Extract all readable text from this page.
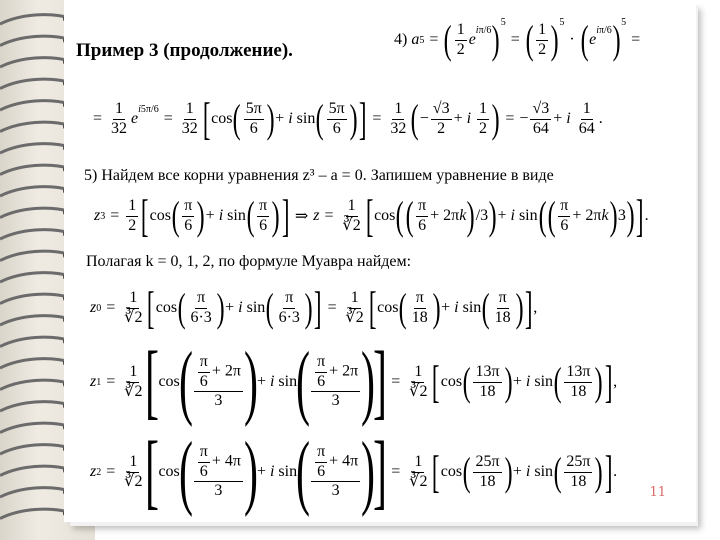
Пример 3 (продолжение).
4)
a 5 = ( $\frac{1}{2}$ e
$^{i\pi/6}$ )$^5$
= ( $\frac{1}{2} )^5$
· ( e
$^{i\pi/6}$ )$^5$
=
= $\frac{1}{32}$ e
$^{i5\pi/6}$
= $\frac{1}{32}$ [ cos ( $\frac{5\pi}{6}$ ) + i sin ( $\frac{5\pi}{6}$ ) ] = $\frac{1}{32}$ ( − $\frac{√3}{2} + i$
$\frac{1}{2}$ ) = − $\frac{√3}{64} + i$
$\frac{1}{64}$ .
5) Найдем все корни уравнения z³ – a = 0. Запишем уравнение в виде
z $3 = \frac{1}{2}$ [ cos ( $\frac{\pi}{6}$ ) + i sin ( $\frac{\pi}{6}$ ) ] ⇒ $z = \frac{1}{∛2}$ [ cos ( ( $\frac{\pi}{6} + 2\pi$ k ) /3 ) + i sin ( ( $\frac{\pi}{6} + 2\pi$ k ) 3 ) ] .
Полагая k = 0, 1, 2, по формуле Муавра найдем:
z $0 = \frac{1}{∛2}$ [ cos ( $\frac{\pi}{6\cdot 3}$ ) + i sin ( $\frac{\pi}{6\cdot 3}$ ) ] = $\frac{1}{∛2}$ [ cos ( $\frac{\pi}{18}$ ) + i sin ( $\frac{\pi}{18}$ ) ] ,
z $1 = \frac{1}{∛2}$ [
cos
( $\frac{\frac{\pi}{6} + 2\pi}{3}$ )
+ i sin
( $\frac{\frac{\pi}{6} + 2\pi}{3}$ )
] = $\frac{1}{∛2}$ [ cos ( $\frac{13\pi}{18}$ ) + i sin ( $\frac{13\pi}{18}$ ) ] ,
z $2 = \frac{1}{∛2}$ [
cos
( $\frac{\frac{\pi}{6} + 4\pi}{3}$ )
+ i sin
( $\frac{\frac{\pi}{6} + 4\pi}{3}$ )
] = $\frac{1}{∛2}$ [ cos ( $\frac{25\pi}{18}$ ) + i sin ( $\frac{25\pi}{18}$ ) ] .
11
